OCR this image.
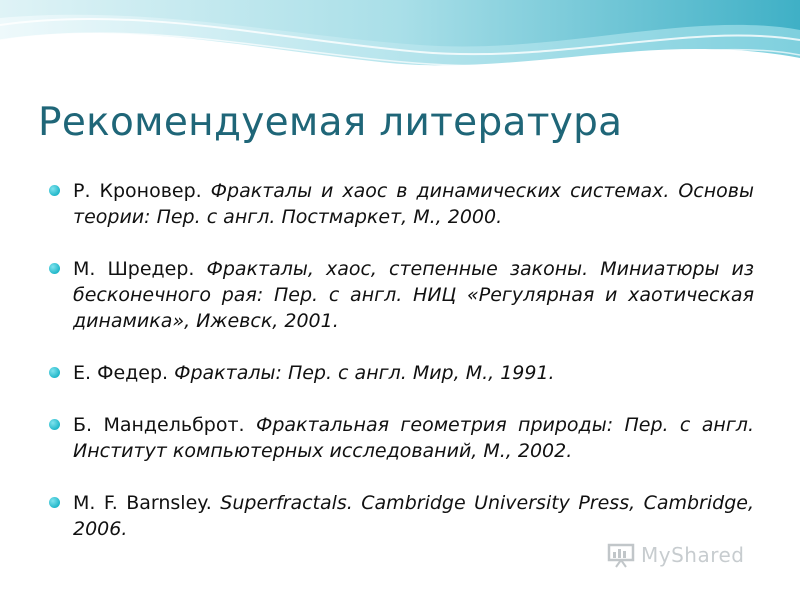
Рекомендуемая литература
Р. Кроновер. Фракталы и хаос в динамических системах. Основы теории: Пер. с англ. Постмаркет, М., 2000.
М. Шредер. Фракталы, хаос, степенные законы. Миниатюры из бесконечного рая: Пер. с англ. НИЦ «Регулярная и хаотическая динамика», Ижевск, 2001.
Е. Федер. Фракталы: Пер. с англ. Мир, М., 1991.
Б. Мандельброт. Фрактальная геометрия природы: Пер. с англ. Институт компьютерных исследований, М., 2002.
M. F. Barnsley. Superfractals. Cambridge University Press, Cambridge, 2006.
MyShared
